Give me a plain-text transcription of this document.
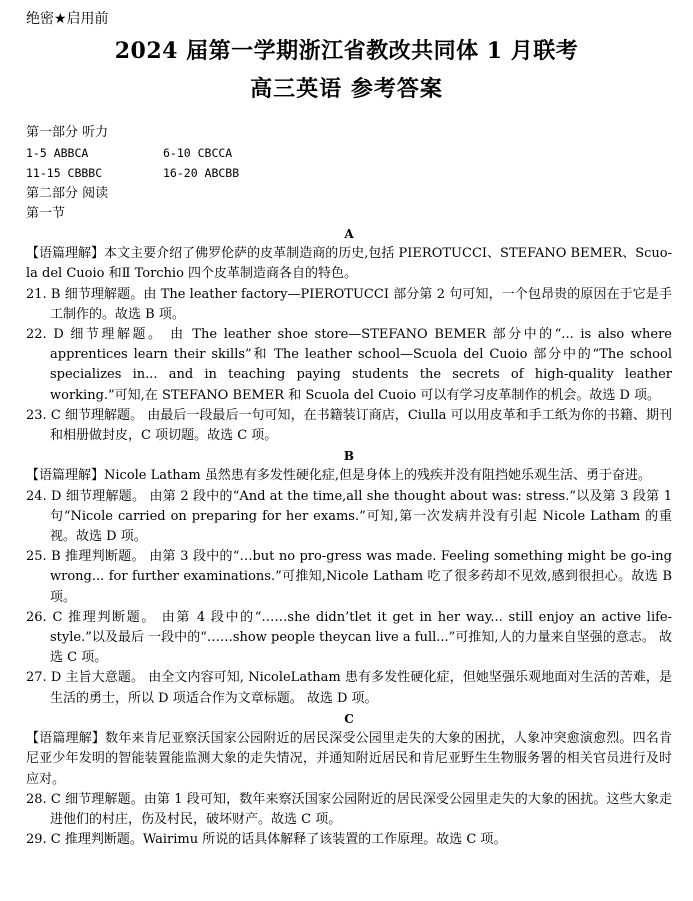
绝密★启用前
2024 届第一学期浙江省教改共同体 1 月联考
高三英语 参考答案
第一部分 听力
1-5 ABBCA	6-10 CBCCA
11-15 CBBBC	16-20 ABCBB
第二部分 阅读
第一节
A
【语篇理解】本文主要介绍了佛罗伦萨的皮革制造商的历史,包括 PIEROTUCCI、STEFANO BEMER、Scuo-la del Cuoio 和Ⅱ Torchio 四个皮革制造商各自的特色。
21. B 细节理解题。由 The leather factory—PIEROTUCCI 部分第 2 句可知，一个包昂贵的原因在于它是手工制作的。故选 B 项。
22. D 细节理解题。 由 The leather shoe store—STEFANO BEMER 部分中的“... is also where apprentices learn their skills”和 The leather school—Scuola del Cuoio 部分中的“The school specializes in... and in teaching paying students the secrets of high-quality leather working.”可知,在 STEFANO BEMER 和 Scuola del Cuoio 可以有学习皮革制作的机会。故选 D 项。
23. C 细节理解题。 由最后一段最后一句可知，在书籍装订商店，Ciulla 可以用皮革和手工纸为你的书籍、期刊和相册做封皮，C 项切题。故选 C 项。
B
【语篇理解】Nicole Latham 虽然患有多发性硬化症,但是身体上的残疾并没有阻挡她乐观生活、勇于奋进。
24. D 细节理解题。 由第 2 段中的“And at the time,all she thought about was: stress.”以及第 3 段第 1 句“Nicole carried on preparing for her exams.”可知,第一次发病并没有引起 Nicole Latham 的重视。故选 D 项。
25. B 推理判断题。 由第 3 段中的“…but no pro-gress was made. Feeling something might be go-ing wrong... for further examinations.”可推知,Nicole Latham 吃了很多药却不见效,感到很担心。故选 B 项。
26. C 推理判断题。 由第 4 段中的“……she didn’tlet it get in her way... still enjoy an active life-style.”以及最后 一段中的“……show people theycan live a full...”可推知,人的力量来自坚强的意志。 故选 C 项。
27. D 主旨大意题。 由全文内容可知, NicoleLatham 患有多发性硬化症，但她坚强乐观地面对生活的苦难，是生活的勇士，所以 D 项适合作为文章标题。 故选 D 项。
C
【语篇理解】数年来肯尼亚察沃国家公园附近的居民深受公园里走失的大象的困扰，人象冲突愈演愈烈。四名肯尼亚少年发明的智能装置能监测大象的走失情况，并通知附近居民和肯尼亚野生生物服务署的相关官员进行及时应对。
28. C 细节理解题。由第 1 段可知，数年来察沃国家公园附近的居民深受公园里走失的大象的困扰。这些大象走进他们的村庄，伤及村民，破坏财产。故选 C 项。
29. C 推理判断题。Wairimu 所说的话具体解释了该装置的工作原理。故选 C 项。
